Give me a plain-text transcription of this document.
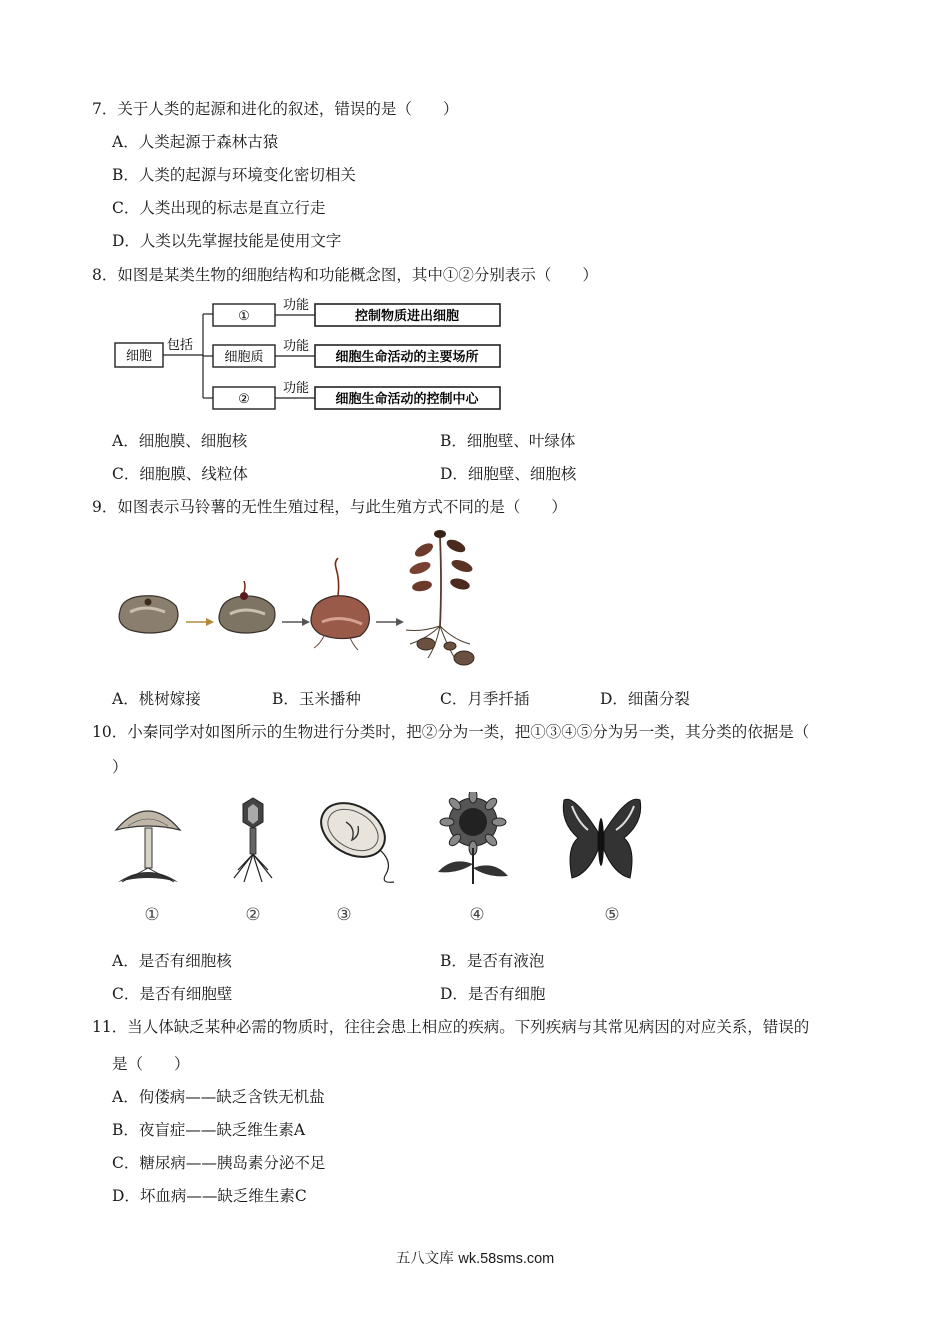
7．关于人类的起源和进化的叙述，错误的是（　　）
A．人类起源于森林古猿
B．人类的起源与环境变化密切相关
C．人类出现的标志是直立行走
D．人类以先掌握技能是使用文字
8．如图是某类生物的细胞结构和功能概念图，其中①②分别表示（　　）
细胞
包括
①
细胞质
②
功能
功能
功能
控制物质进出细胞
细胞生命活动的主要场所
细胞生命活动的控制中心
A．细胞膜、细胞核	B．细胞壁、叶绿体
C．细胞膜、线粒体	D．细胞壁、细胞核
9．如图表示马铃薯的无性生殖过程，与此生殖方式不同的是（　　）
A．桃树嫁接	B．玉米播种	C．月季扦插	D．细菌分裂
10．小秦同学对如图所示的生物进行分类时，把②分为一类，把①③④⑤分为另一类，其分类的依据是（
）
①	②	③	④	⑤
A．是否有细胞核	B．是否有液泡
C．是否有细胞壁	D．是否有细胞
11．当人体缺乏某种必需的物质时，往往会患上相应的疾病。下列疾病与其常见病因的对应关系，错误的
是（　　）
A．佝偻病——缺乏含铁无机盐
B．夜盲症——缺乏维生素A
C．糖尿病——胰岛素分泌不足
D．坏血病——缺乏维生素C
五八文库 wk.58sms.com
